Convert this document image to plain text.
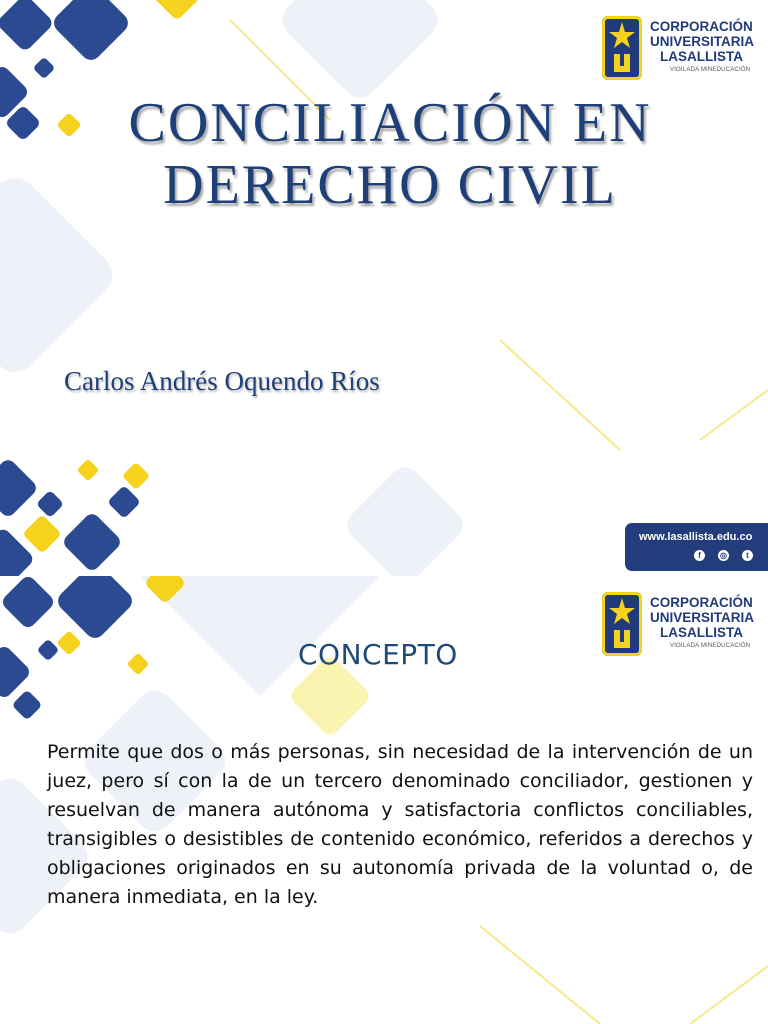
CORPORACIÓN
UNIVERSITARIA
LASALLISTA
VIGILADA MINEDUCACIÓN
CONCILIACIÓN EN DERECHO CIVIL
Carlos Andrés Oquendo Ríos
www.lasallista.edu.co
f	◎	t
CORPORACIÓN
UNIVERSITARIA
LASALLISTA
VIGILADA MINEDUCACIÓN
CONCEPTO

Permite que dos o más personas, sin necesidad de la intervención de un juez, pero sí con la de un tercero denominado conciliador, gestionen y resuelvan de manera autónoma y satisfactoria conflictos conciliables, transigibles o desistibles de contenido económico, referidos a derechos y obligaciones originados en su autonomía privada de la voluntad o, de manera inmediata, en la ley.
